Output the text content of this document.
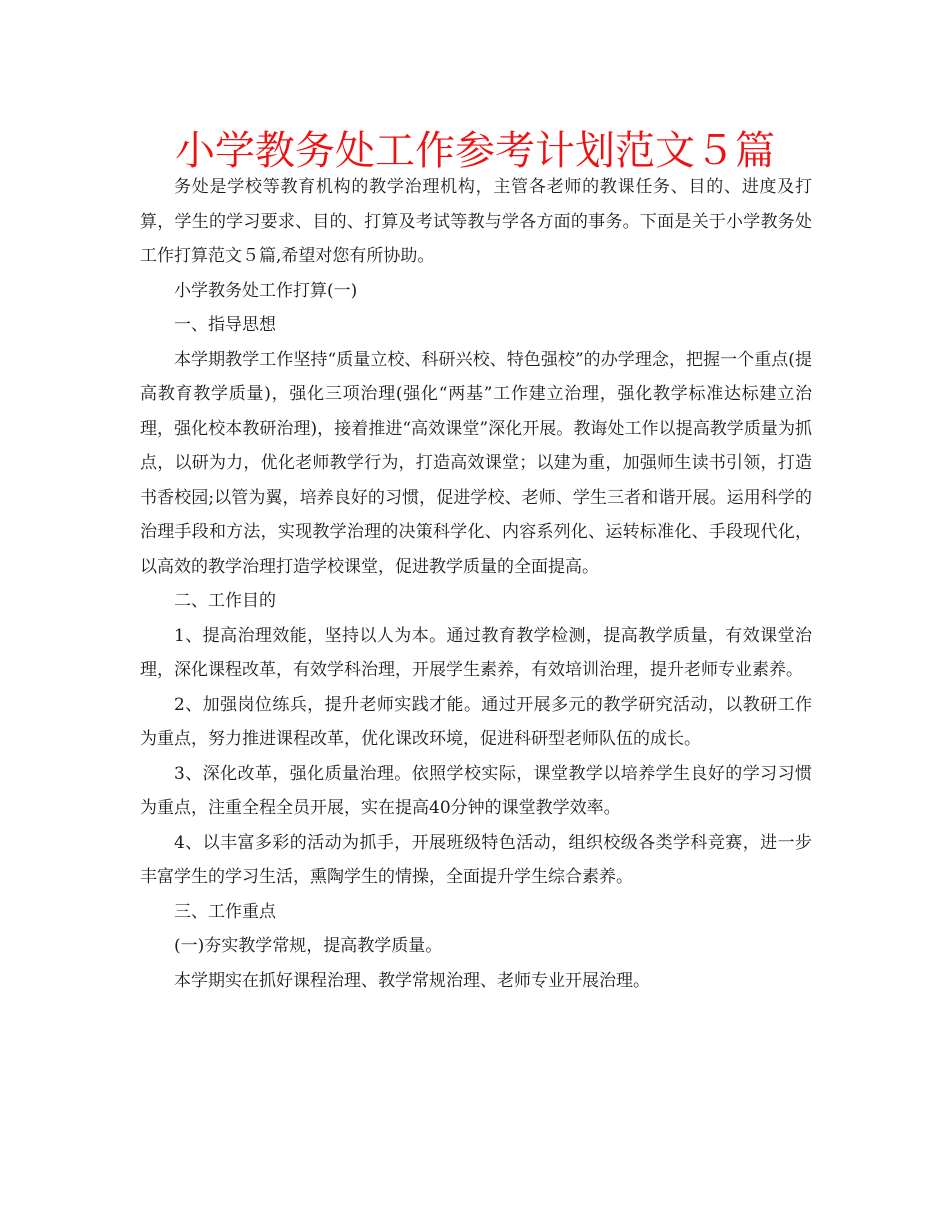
小学教务处工作参考计划范文５篇

务处是学校等教育机构的教学治理机构，主管各老师的教课任务、目的、进度及打算，学生的学习要求、目的、打算及考试等教与学各方面的事务。下面是关于小学教务处工作打算范文５篇,希望对您有所协助。

小学教务处工作打算(一)

一、指导思想

本学期教学工作坚持“质量立校、科研兴校、特色强校”的办学理念，把握一个重点(提高教育教学质量)，强化三项治理(强化“两基”工作建立治理，强化教学标准达标建立治理，强化校本教研治理)，接着推进“高效课堂”深化开展。教诲处工作以提高教学质量为抓点，以研为力，优化老师教学行为，打造高效课堂；以建为重，加强师生读书引领，打造书香校园;以管为翼，培养良好的习惯，促进学校、老师、学生三者和谐开展。运用科学的治理手段和方法，实现教学治理的决策科学化、内容系列化、运转标准化、手段现代化，以高效的教学治理打造学校课堂，促进教学质量的全面提高。

二、工作目的

1、提高治理效能，坚持以人为本。通过教育教学检测，提高教学质量，有效课堂治理，深化课程改革，有效学科治理，开展学生素养，有效培训治理，提升老师专业素养。

2、加强岗位练兵，提升老师实践才能。通过开展多元的教学研究活动，以教研工作为重点，努力推进课程改革，优化课改环境，促进科研型老师队伍的成长。

3、深化改革，强化质量治理。依照学校实际，课堂教学以培养学生良好的学习习惯为重点，注重全程全员开展，实在提高40分钟的课堂教学效率。

4、以丰富多彩的活动为抓手，开展班级特色活动，组织校级各类学科竞赛，进一步丰富学生的学习生活，熏陶学生的情操，全面提升学生综合素养。

三、工作重点

(一)夯实教学常规，提高教学质量。

本学期实在抓好课程治理、教学常规治理、老师专业开展治理。
